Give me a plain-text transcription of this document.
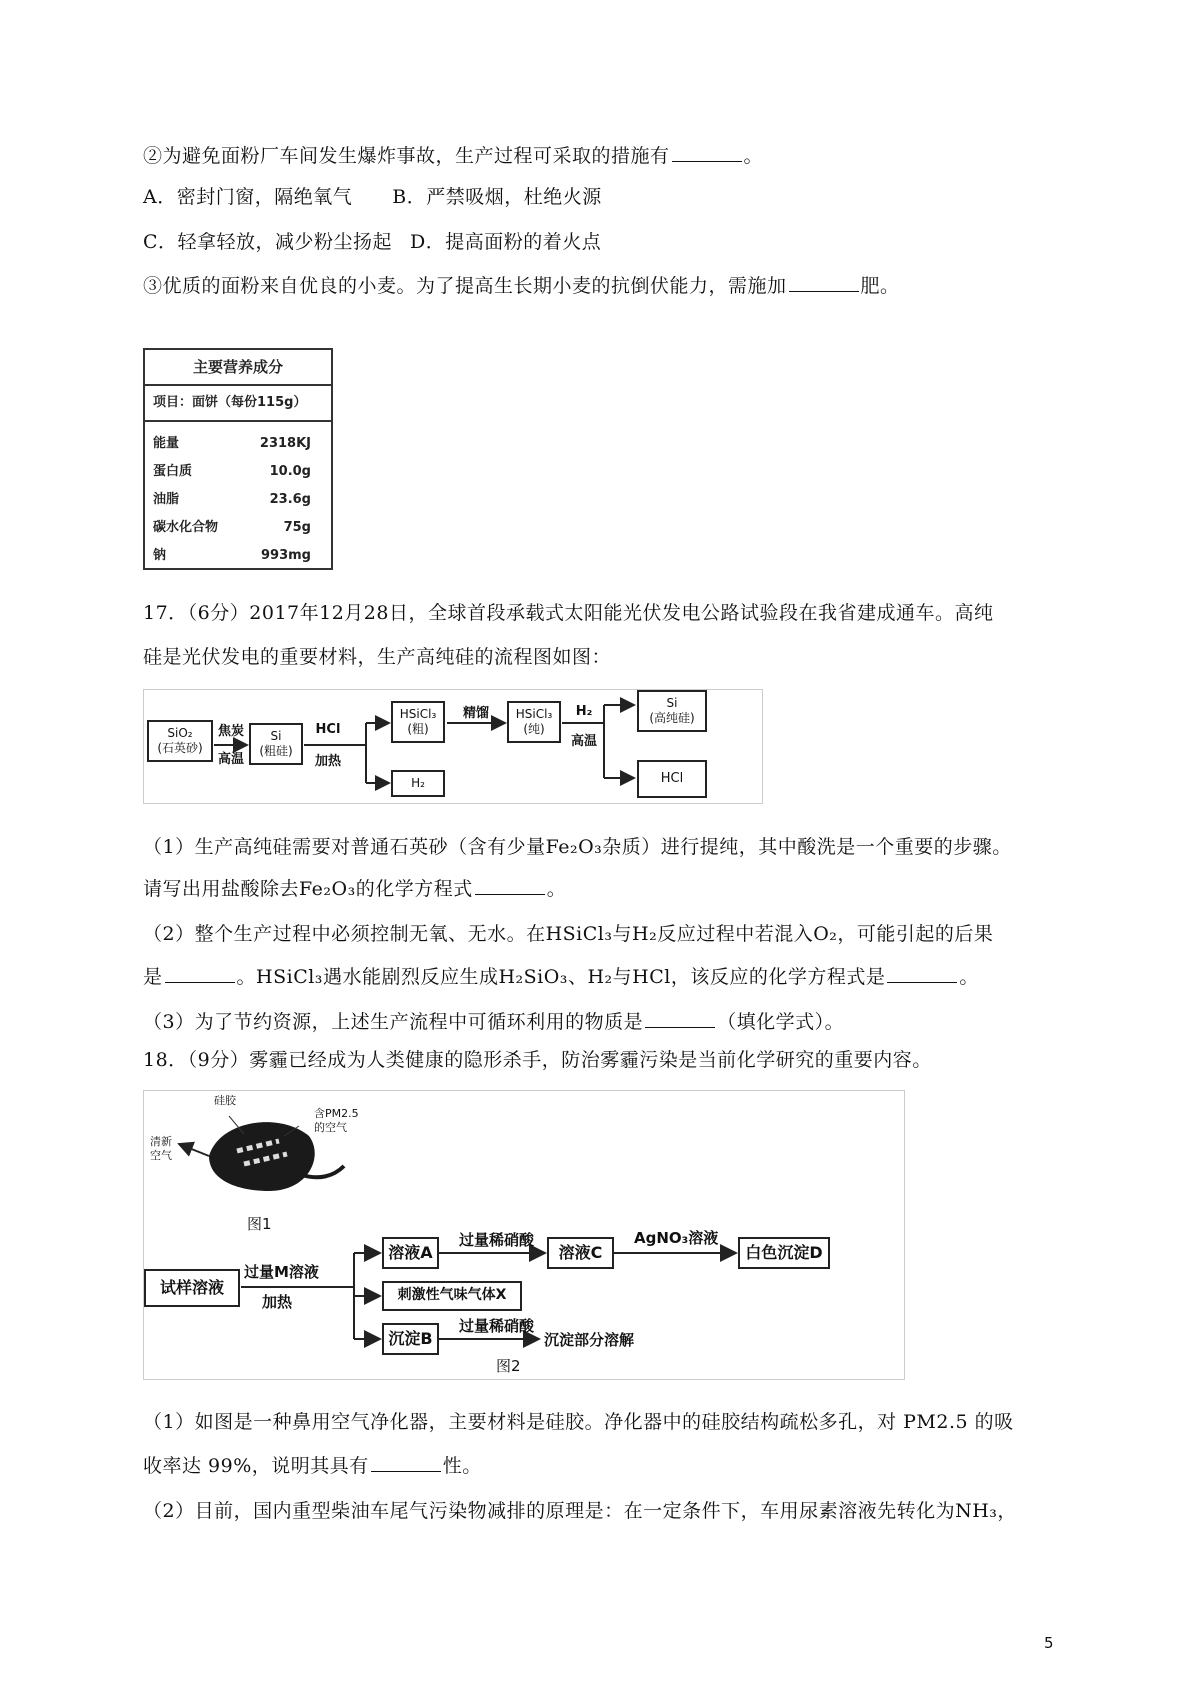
②为避免面粉厂车间发生爆炸事故，生产过程可采取的措施有	。
A．密封门窗，隔绝氧气 B．严禁吸烟，杜绝火源
C．轻拿轻放，减少粉尘扬起 D．提高面粉的着火点
③优质的面粉来自优良的小麦。为了提高生长期小麦的抗倒伏能力，需施加	肥。
主要营养成分
项目：面饼（每份115g）
能量	2318KJ
蛋白质	10.0g
油脂	23.6g
碳水化合物	75g
钠	993mg
17．（6分）2017年12月28日，全球首段承载式太阳能光伏发电公路试验段在我省建成通车。高纯
硅是光伏发电的重要材料，生产高纯硅的流程图如图：
SiO₂
(石英砂)
焦炭
高温
Si
(粗硅)
HCl
加热
HSiCl₃
(粗)
H₂
精馏	HSiCl₃
(纯)
H₂
高温
Si
(高纯硅)
HCl
（1）生产高纯硅需要对普通石英砂（含有少量Fe₂O₃杂质）进行提纯，其中酸洗是一个重要的步骤。
请写出用盐酸除去Fe₂O₃的化学方程式	。
（2）整个生产过程中必须控制无氧、无水。在HSiCl₃与H₂反应过程中若混入O₂，可能引起的后果
是	。HSiCl₃遇水能剧烈反应生成H₂SiO₃、H₂与HCl，该反应的化学方程式是	。
（3）为了节约资源，上述生产流程中可循环利用的物质是	（填化学式）。
18．（9分）雾霾已经成为人类健康的隐形杀手，防治雾霾污染是当前化学研究的重要内容。
硅胶
含PM2.5
的空气
清新
空气
图1
试样溶液
过量M溶液
加热
溶液A
过量稀硝酸
溶液C
AgNO₃溶液
白色沉淀D
刺激性气味气体X
沉淀B
过量稀硝酸
沉淀部分溶解
图2
（1）如图是一种鼻用空气净化器，主要材料是硅胶。净化器中的硅胶结构疏松多孔，对 PM2.5 的吸
收率达 99%，说明其具有	性。
（2）目前，国内重型柴油车尾气污染物减排的原理是：在一定条件下，车用尿素溶液先转化为NH₃，
5
